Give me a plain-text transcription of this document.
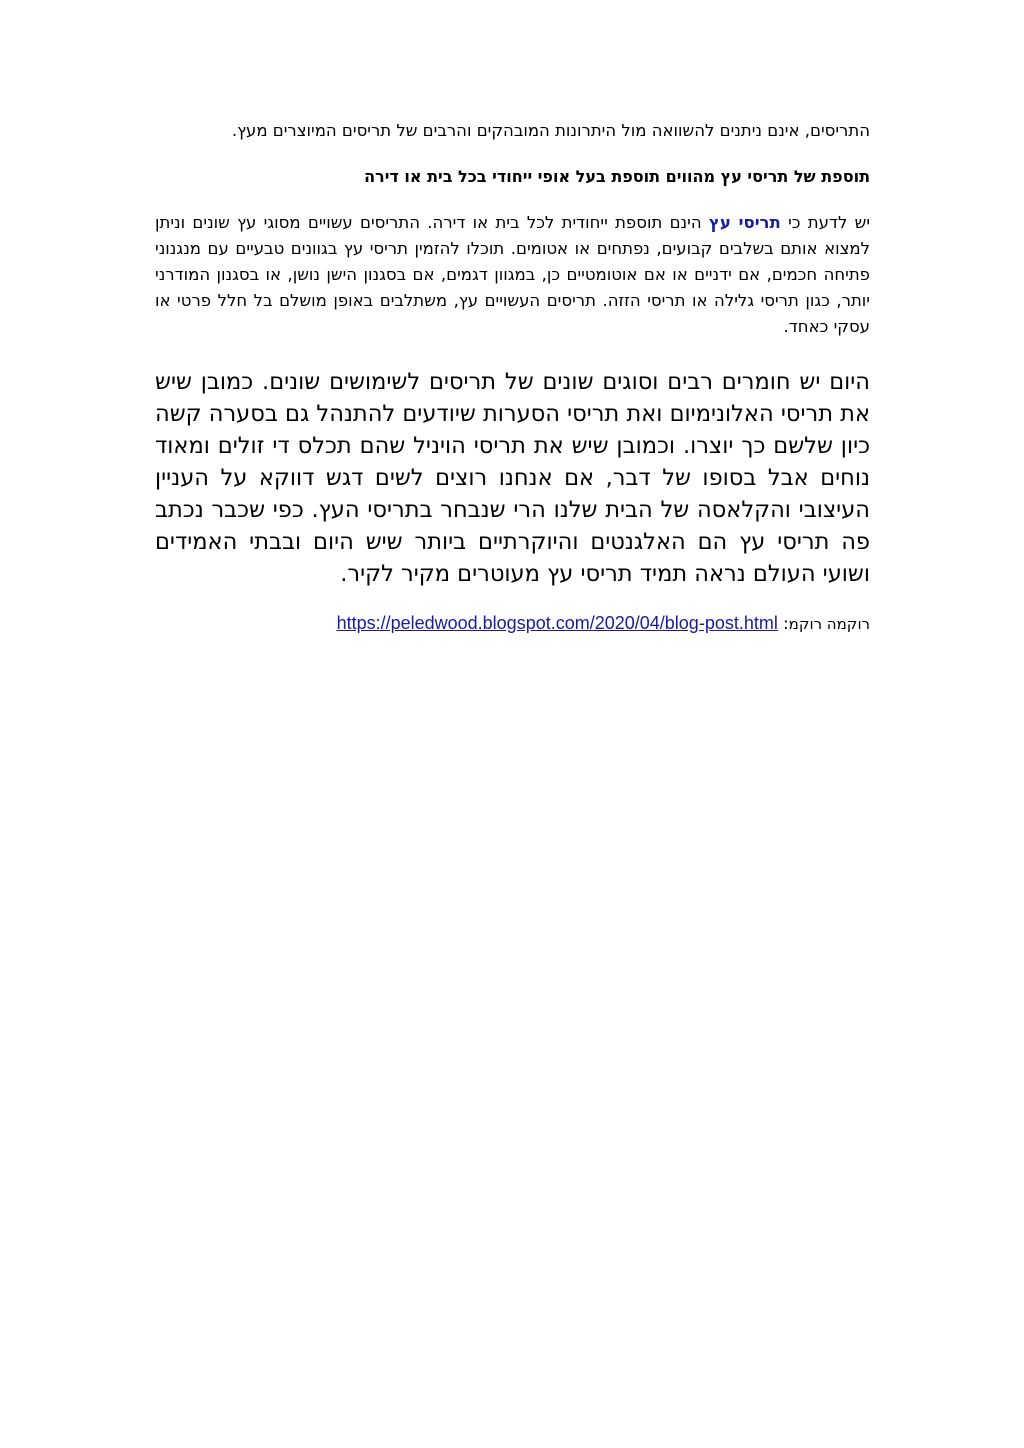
התריסים, אינם ניתנים להשוואה מול היתרונות המובהקים והרבים של תריסים המיוצרים מעץ.

תוספת של תריסי עץ מהווים תוספת בעל אופי ייחודי בכל בית או דירה

יש לדעת כי תריסי עץ הינם תוספת ייחודית לכל בית או דירה. התריסים עשויים מסוגי עץ שונים וניתן למצוא אותם בשלבים קבועים, נפתחים או אטומים. תוכלו להזמין תריסי עץ בגוונים טבעיים עם מנגנוני פתיחה חכמים, אם ידניים או אם אוטומטיים כן, במגוון דגמים, אם בסגנון הישן נושן, או בסגנון המודרני יותר, כגון תריסי גלילה או תריסי הזזה. תריסים העשויים עץ, משתלבים באופן מושלם בל חלל פרטי או עסקי כאחד.

היום יש חומרים רבים וסוגים שונים של תריסים לשימושים שונים. כמובן שיש את תריסי האלונימיום ואת תריסי הסערות שיודעים להתנהל גם בסערה קשה כיון שלשם כך יוצרו. וכמובן שיש את תריסי הויניל שהם תכלס די זולים ומאוד נוחים אבל בסופו של דבר, אם אנחנו רוצים לשים דגש דווקא על העניין העיצובי והקלאסה של הבית שלנו הרי שנבחר בתריסי העץ. כפי שכבר נכתב פה תריסי עץ הם האלגנטים והיוקרתיים ביותר שיש היום ובבתי האמידים ושועי העולם נראה תמיד תריסי עץ מעוטרים מקיר לקיר.

רוקמה רוקמ: https://peledwood.blogspot.com/2020/04/blog-post.html
